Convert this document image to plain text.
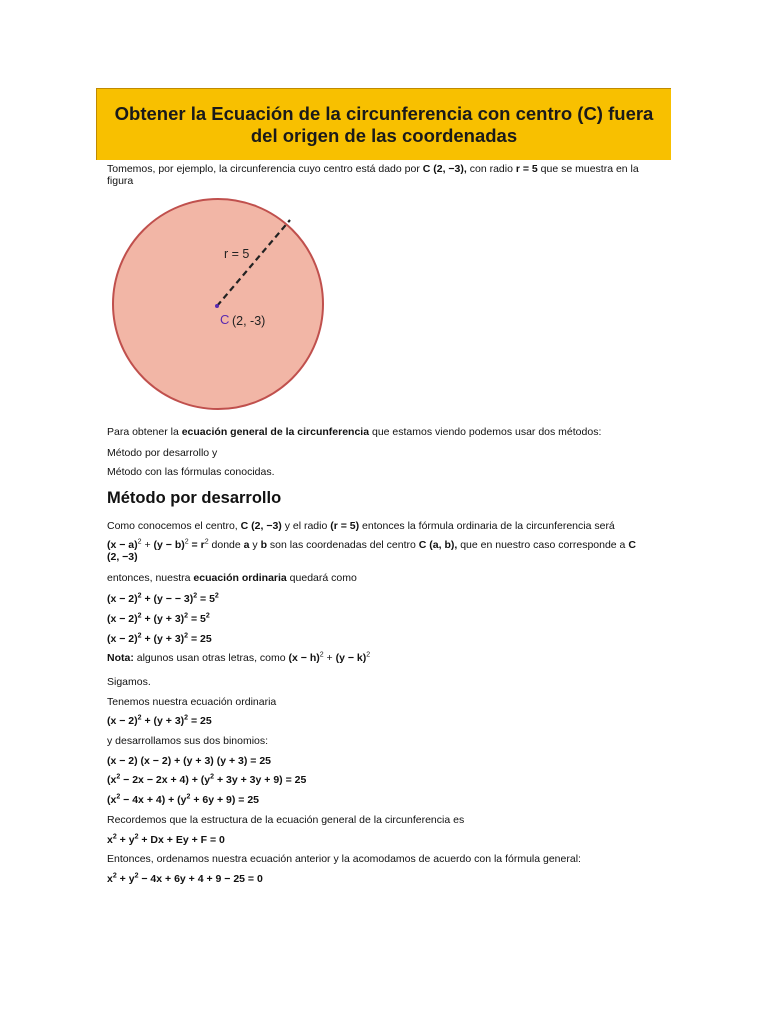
Obtener la Ecuación de la circunferencia con centro (C) fuera del origen de las coordenadas
Tomemos, por ejemplo, la circunferencia cuyo centro está dado por C (2, −3), con radio r = 5 que se muestra en la figura
r = 5
C (2, -3)
Para obtener la ecuación general de la circunferencia que estamos viendo podemos usar dos métodos:
Método por desarrollo y
Método con las fórmulas conocidas.
Método por desarrollo
Como conocemos el centro, C (2, −3) y el radio (r = 5) entonces la fórmula ordinaria de la circunferencia será
$(x - a)^2 + (y - b)^2 = r^2$ donde a y b son las coordenadas del centro C (a, b), que en nuestro caso corresponde a C
(2, −3)
entonces, nuestra ecuación ordinaria quedará como
$(x - 2)^2 + (y$ − − $3)^2 = 5^2$
$(x - 2)^2 + (y + 3)^2 = 5^2$
$(x - 2)^2 + (y + 3)^2 = 25$
Nota: algunos usan otras letras, como $(x - h)^2 + (y - k)^2$
Sigamos.
Tenemos nuestra ecuación ordinaria
$(x - 2)^2 + (y + 3)^2 = 25$
y desarrollamos sus dos binomios:
(x − 2) (x − 2) + (y + 3) (y + 3) = 25
$(x^2 - 2x - 2x + 4) + (y^2 + 3y + 3y + 9) = 25$
$(x^2 - 4x + 4) + (y^2 + 6y + 9) = 25$
Recordemos que la estructura de la ecuación general de la circunferencia es
$x^2 + y^2 + Dx + Ey + F = 0$
Entonces, ordenamos nuestra ecuación anterior y la acomodamos de acuerdo con la fórmula general:
$x^2 + y^2 - 4x + 6y + 4 + 9 - 25 = 0$
